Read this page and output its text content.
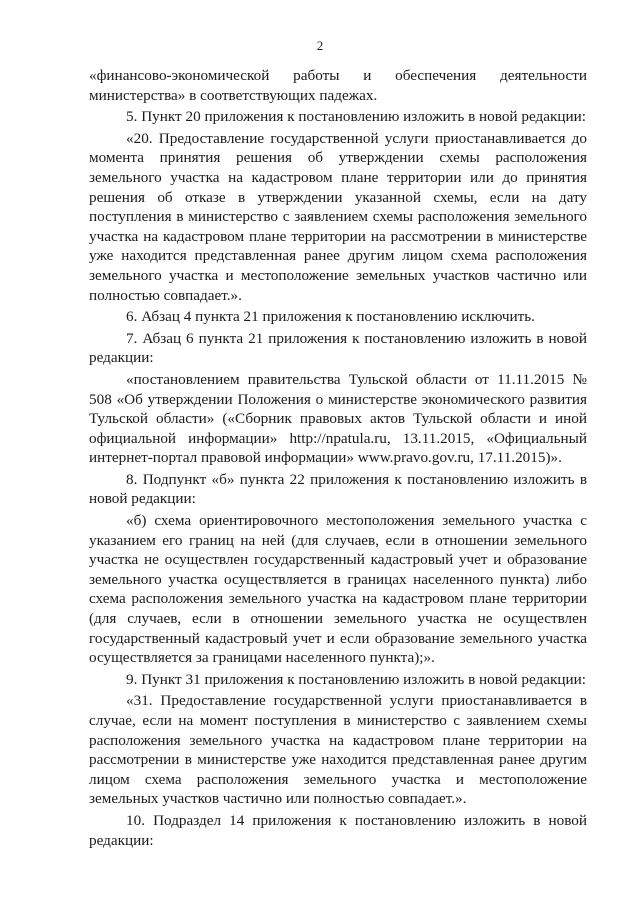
2

«финансово-экономической работы и обеспечения деятельности министерства» в соответствующих падежах.

5. Пункт 20 приложения к постановлению изложить в новой редакции:

«20. Предоставление государственной услуги приостанавливается до момента принятия решения об утверждении схемы расположения земельного участка на кадастровом плане территории или до принятия решения об отказе в утверждении указанной схемы, если на дату поступления в министерство с заявлением схемы расположения земельного участка на кадастровом плане территории на рассмотрении в министерстве уже находится представленная ранее другим лицом схема расположения земельного участка и местоположение земельных участков частично или полностью совпадает.».

6. Абзац 4 пункта 21 приложения к постановлению исключить.

7. Абзац 6 пункта 21 приложения к постановлению изложить в новой редакции:

«постановлением правительства Тульской области от 11.11.2015 № 508 «Об утверждении Положения о министерстве экономического развития Тульской области» («Сборник правовых актов Тульской области и иной официальной информации» http://npatula.ru, 13.11.2015, «Официальный интернет-портал правовой информации» www.pravo.gov.ru, 17.11.2015)».

8. Подпункт «б» пункта 22 приложения к постановлению изложить в новой редакции:

«б) схема ориентировочного местоположения земельного участка с указанием его границ на ней (для случаев, если в отношении земельного участка не осуществлен государственный кадастровый учет и образование земельного участка осуществляется в границах населенного пункта) либо схема расположения земельного участка на кадастровом плане территории (для случаев, если в отношении земельного участка не осуществлен государственный кадастровый учет и если образование земельного участка осуществляется за границами населенного пункта);».

9. Пункт 31 приложения к постановлению изложить в новой редакции:

«31. Предоставление государственной услуги приостанавливается в случае, если на момент поступления в министерство с заявлением схемы расположения земельного участка на кадастровом плане территории на рассмотрении в министерстве уже находится представленная ранее другим лицом схема расположения земельного участка и местоположение земельных участков частично или полностью совпадает.».

10. Подраздел 14 приложения к постановлению изложить в новой редакции:
